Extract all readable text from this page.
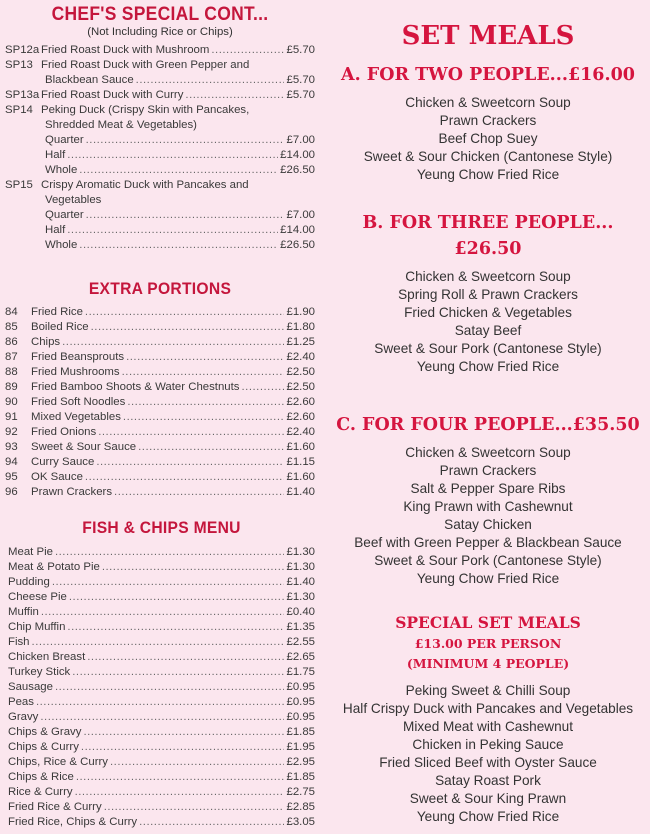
CHEF'S SPECIAL CONT...
(Not Including Rice or Chips)
SP12a Fried Roast Duck with Mushroom .....	£5.70
SP13 Fried Roast Duck with Green Pepper and
Blackbean Sauce .....	£5.70
SP13a Fried Roast Duck with Curry .....	£5.70
SP14 Peking Duck (Crispy Skin with Pancakes,
Shredded Meat & Vegetables)
Quarter .....	£7.00
Half .....	£14.00
Whole .....	£26.50
SP15 Crispy Aromatic Duck with Pancakes and
Vegetables
Quarter .....	£7.00
Half .....	£14.00
Whole .....	£26.50
EXTRA PORTIONS
84	Fried Rice .....	£1.90
85	Boiled Rice .....	£1.80
86	Chips .....	£1.25
87	Fried Beansprouts .....	£2.40
88	Fried Mushrooms .....	£2.50
89	Fried Bamboo Shoots & Water Chestnuts .....	£2.50
90	Fried Soft Noodles .....	£2.60
91	Mixed Vegetables .....	£2.60
92	Fried Onions .....	£2.40
93	Sweet & Sour Sauce .....	£1.60
94	Curry Sauce .....	£1.15
95	OK Sauce .....	£1.60
96	Prawn Crackers .....	£1.40
FISH & CHIPS MENU
Meat Pie .....	£1.30
Meat & Potato Pie .....	£1.30
Pudding .....	£1.40
Cheese Pie .....	£1.30
Muffin .....	£0.40
Chip Muffin .....	£1.35
Fish .....	£2.55
Chicken Breast .....	£2.65
Turkey Stick .....	£1.75
Sausage .....	£0.95
Peas .....	£0.95
Gravy .....	£0.95
Chips & Gravy .....	£1.85
Chips & Curry .....	£1.95
Chips, Rice & Curry .....	£2.95
Chips & Rice .....	£1.85
Rice & Curry .....	£2.75
Fried Rice & Curry .....	£2.85
Fried Rice, Chips & Curry .....	£3.05
SET MEALS
A. FOR TWO PEOPLE...£16.00
Chicken & Sweetcorn Soup
Prawn Crackers
Beef Chop Suey
Sweet & Sour Chicken (Cantonese Style)
Yeung Chow Fried Rice
B. FOR THREE PEOPLE...£26.50
Chicken & Sweetcorn Soup
Spring Roll & Prawn Crackers
Fried Chicken & Vegetables
Satay Beef
Sweet & Sour Pork (Cantonese Style)
Yeung Chow Fried Rice
C. FOR FOUR PEOPLE...£35.50
Chicken & Sweetcorn Soup
Prawn Crackers
Salt & Pepper Spare Ribs
King Prawn with Cashewnut
Satay Chicken
Beef with Green Pepper & Blackbean Sauce
Sweet & Sour Pork (Cantonese Style)
Yeung Chow Fried Rice
SPECIAL SET MEALS
£13.00 PER PERSON
(MINIMUM 4 PEOPLE)
Peking Sweet & Chilli Soup
Half Crispy Duck with Pancakes and Vegetables
Mixed Meat with Cashewnut
Chicken in Peking Sauce
Fried Sliced Beef with Oyster Sauce
Satay Roast Pork
Sweet & Sour King Prawn
Yeung Chow Fried Rice
